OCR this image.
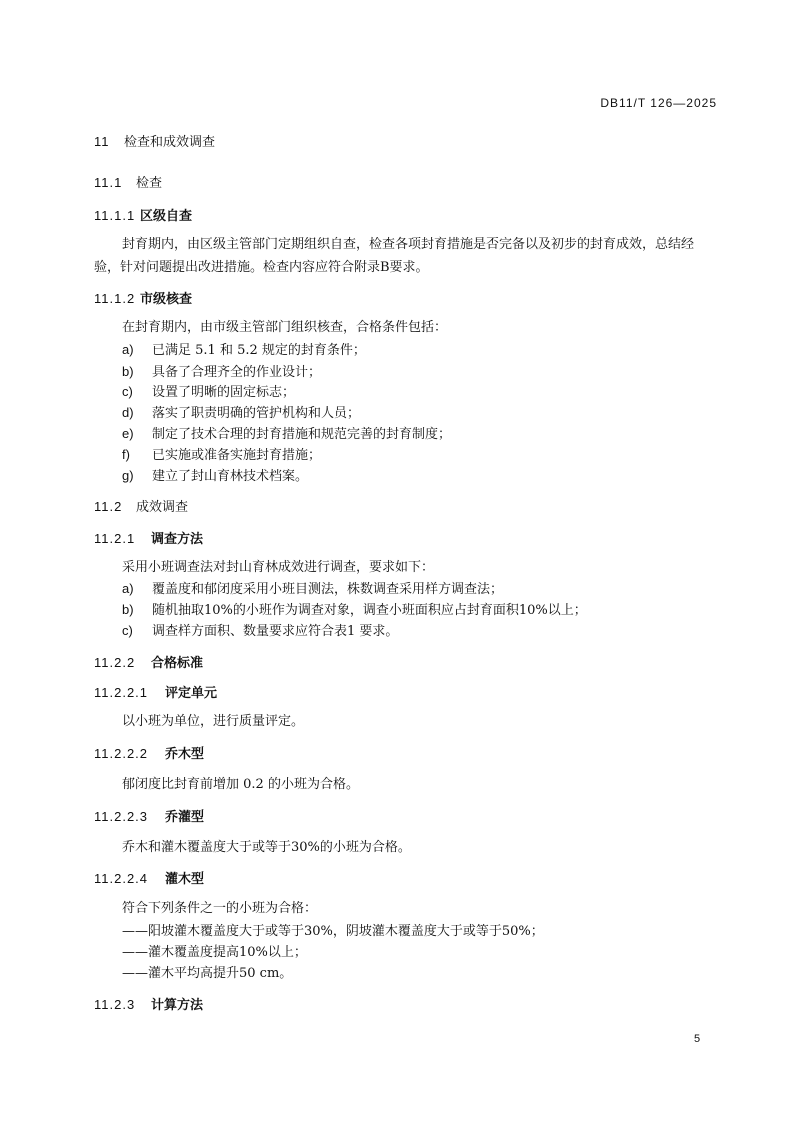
DB11/T 126—2025
11 检查和成效调查
11.1 检查
11.1.1 区级自查
封育期内，由区级主管部门定期组织自查，检查各项封育措施是否完备以及初步的封育成效，总结经验，针对问题提出改进措施。检查内容应符合附录B要求。
11.1.2 市级核查
在封育期内，由市级主管部门组织核查，合格条件包括：
a) 已满足 5.1 和 5.2 规定的封育条件；
b) 具备了合理齐全的作业设计；
c) 设置了明晰的固定标志；
d) 落实了职责明确的管护机构和人员；
e) 制定了技术合理的封育措施和规范完善的封育制度；
f) 已实施或准备实施封育措施；
g) 建立了封山育林技术档案。
11.2 成效调查
11.2.1 调查方法
采用小班调查法对封山育林成效进行调查，要求如下：
a) 覆盖度和郁闭度采用小班目测法，株数调查采用样方调查法；
b) 随机抽取10%的小班作为调查对象，调查小班面积应占封育面积10%以上；
c) 调查样方面积、数量要求应符合表1 要求。
11.2.2 合格标准
11.2.2.1 评定单元
以小班为单位，进行质量评定。
11.2.2.2 乔木型
郁闭度比封育前增加 0.2 的小班为合格。
11.2.2.3 乔灌型
乔木和灌木覆盖度大于或等于30%的小班为合格。
11.2.2.4 灌木型
符合下列条件之一的小班为合格：
——阳坡灌木覆盖度大于或等于30%，阴坡灌木覆盖度大于或等于50%；
——灌木覆盖度提高10%以上；
——灌木平均高提升50 cm。
11.2.3 计算方法
5
